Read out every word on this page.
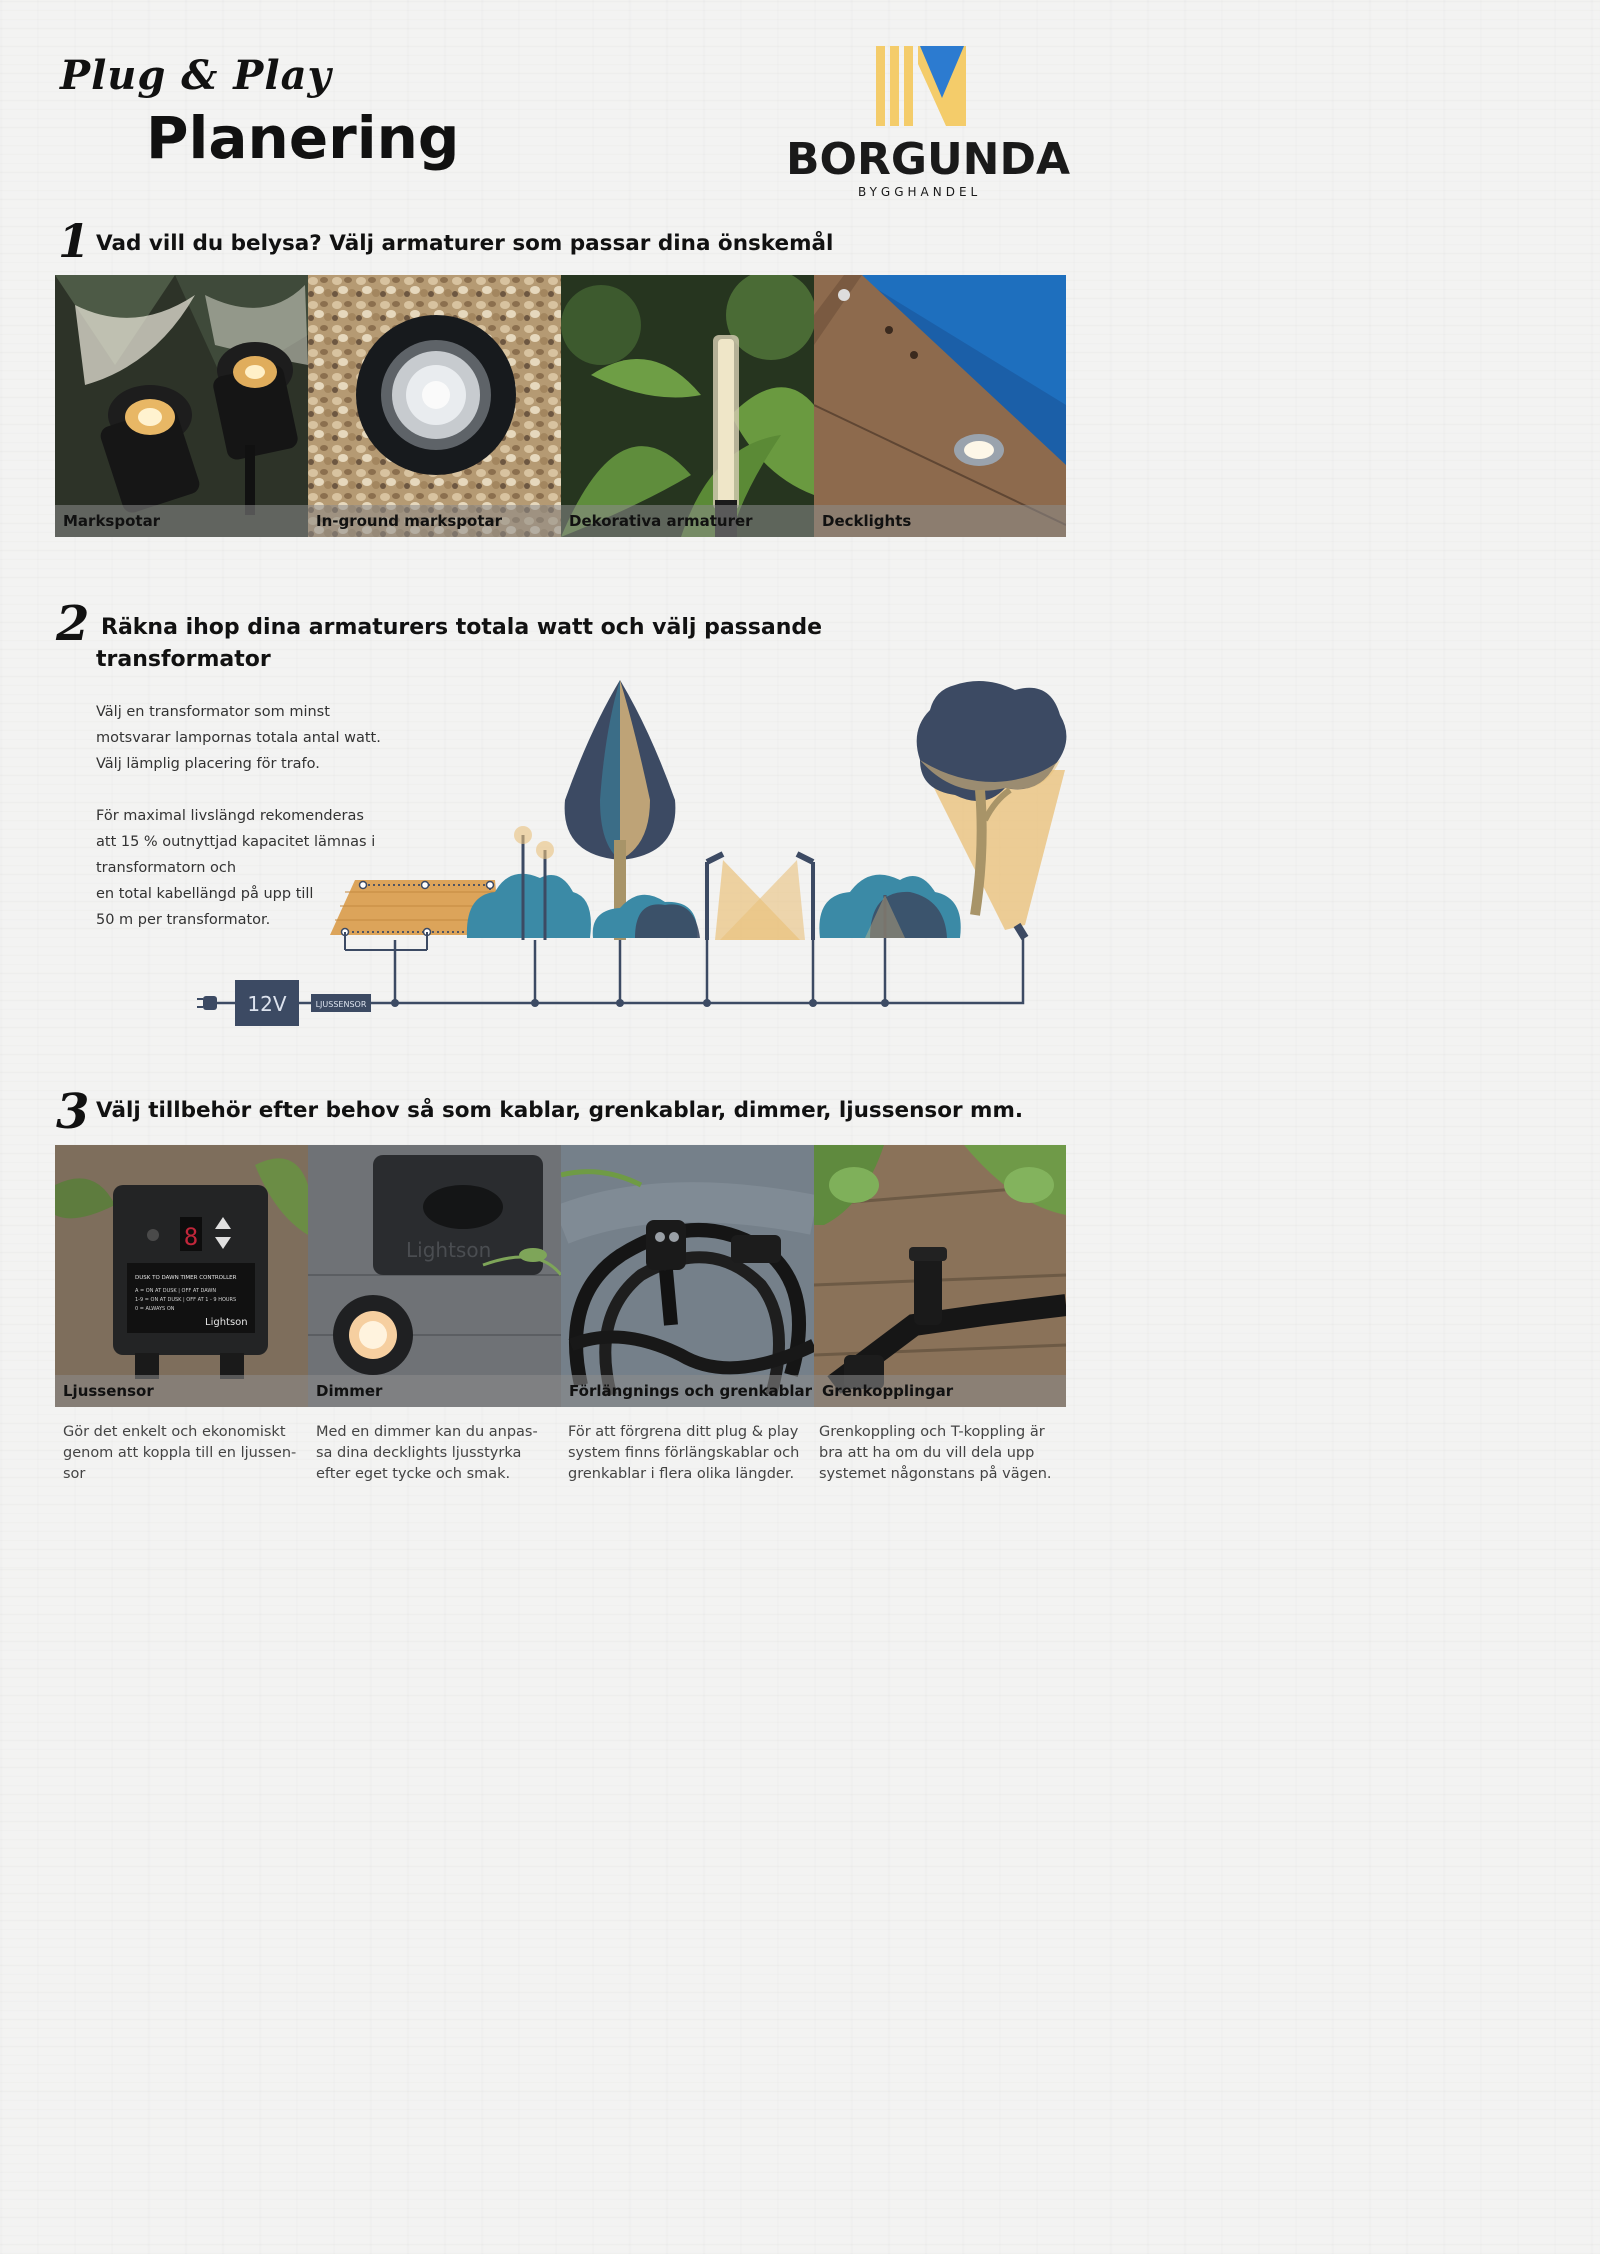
Plug & Play
Planering	BORGUNDA
BYGGHANDEL
1 Vad vill du belysa? Välj armaturer som passar dina önskemål
Markspotar	In-ground markspotar	Dekorativa armaturer	Decklights
2 Räkna ihop dina armaturers totala watt och välj passande
transformator
Välj en transformator som minst
motsvarar lampornas totala antal watt.
Välj lämplig placering för trafo.
För maximal livslängd rekomenderas
att 15 % outnyttjad kapacitet lämnas i
transformatorn och
en total kabellängd på upp till
50 m per transformator.
12V	LJUSSENSOR
3 Välj tillbehör efter behov så som kablar, grenkablar, dimmer, ljussensor mm.
8
DUSK TO DAWN TIMER CONTROLLER
A = ON AT DUSK | OFF AT DAWN
1-9 = ON AT DUSK | OFF AT 1 - 9 HOURS
0 = ALWAYS ON
Lightson
Ljussensor
Lightson
Dimmer	Förlängnings och grenkablar Grenkopplingar
Gör det enkelt och ekonomiskt
genom att koppla till en ljussen-
sor
Med en dimmer kan du anpas-
sa dina decklights ljusstyrka
efter eget tycke och smak.
För att förgrena ditt plug & play
system finns förlängskablar och
grenkablar i flera olika längder.
Grenkoppling och T-koppling är
bra att ha om du vill dela upp
systemet någonstans på vägen.
